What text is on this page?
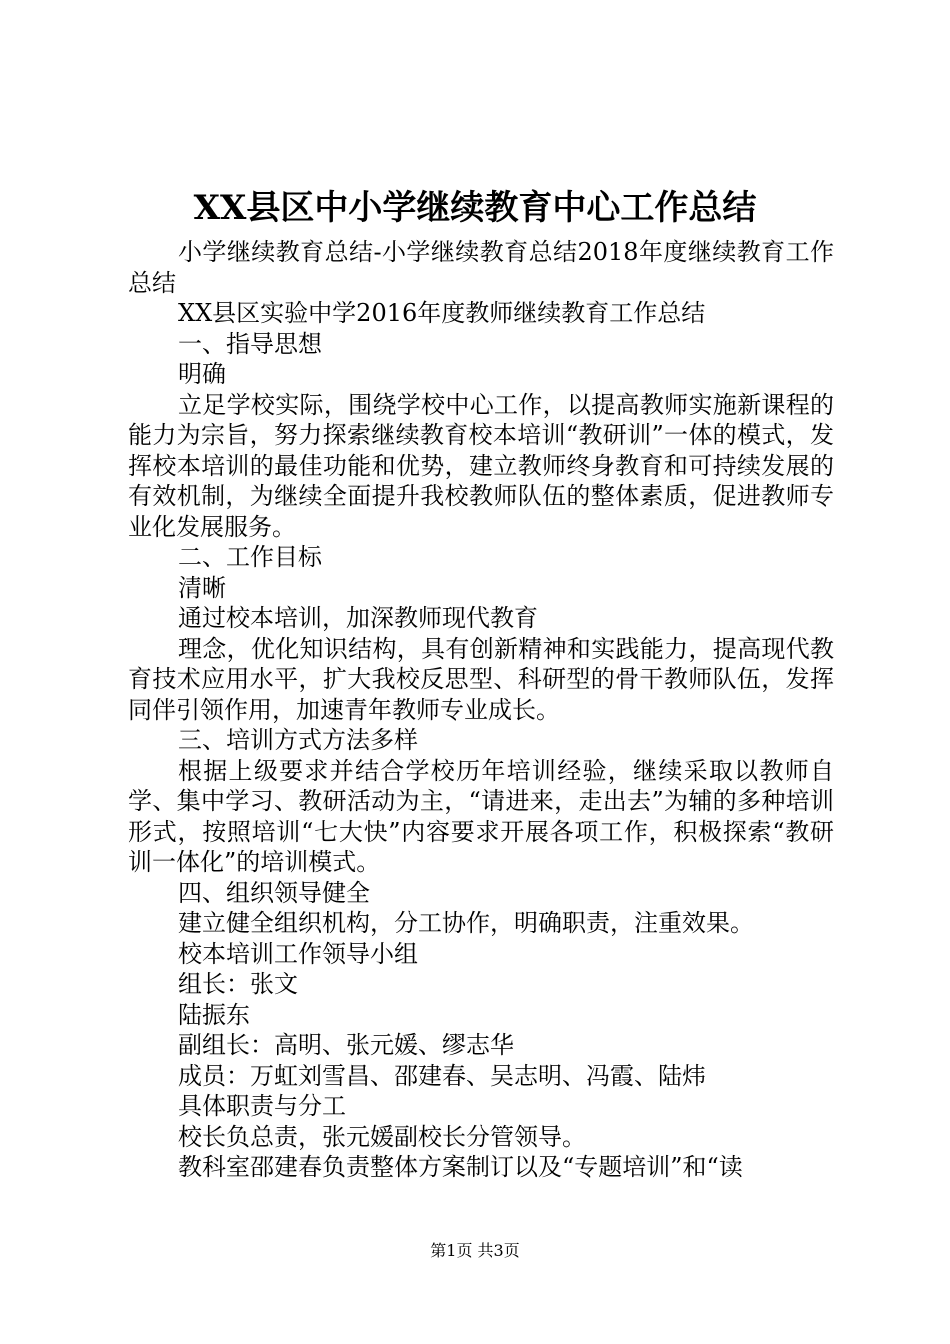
XX县区中小学继续教育中心工作总结

小学继续教育总结-小学继续教育总结2018年度继续教育工作总结

XX县区实验中学2016年度教师继续教育工作总结

一、指导思想

明确

立足学校实际，围绕学校中心工作，以提高教师实施新课程的能力为宗旨，努力探索继续教育校本培训“教研训”一体的模式，发挥校本培训的最佳功能和优势，建立教师终身教育和可持续发展的有效机制，为继续全面提升我校教师队伍的整体素质，促进教师专业化发展服务。

二、工作目标

清晰

通过校本培训，加深教师现代教育

理念，优化知识结构，具有创新精神和实践能力，提高现代教育技术应用水平，扩大我校反思型、科研型的骨干教师队伍，发挥同伴引领作用，加速青年教师专业成长。

三、培训方式方法多样

根据上级要求并结合学校历年培训经验，继续采取以教师自学、集中学习、教研活动为主，“请进来，走出去”为辅的多种培训形式，按照培训“七大快”内容要求开展各项工作，积极探索“教研训一体化”的培训模式。

四、组织领导健全

建立健全组织机构，分工协作，明确职责，注重效果。

校本培训工作领导小组

组长：张文

陆振东

副组长：高明、张元媛、缪志华

成员：万虹刘雪昌、邵建春、吴志明、冯霞、陆炜

具体职责与分工

校长负总责，张元媛副校长分管领导。

教科室邵建春负责整体方案制订以及“专题培训”和“读

第1页 共3页
